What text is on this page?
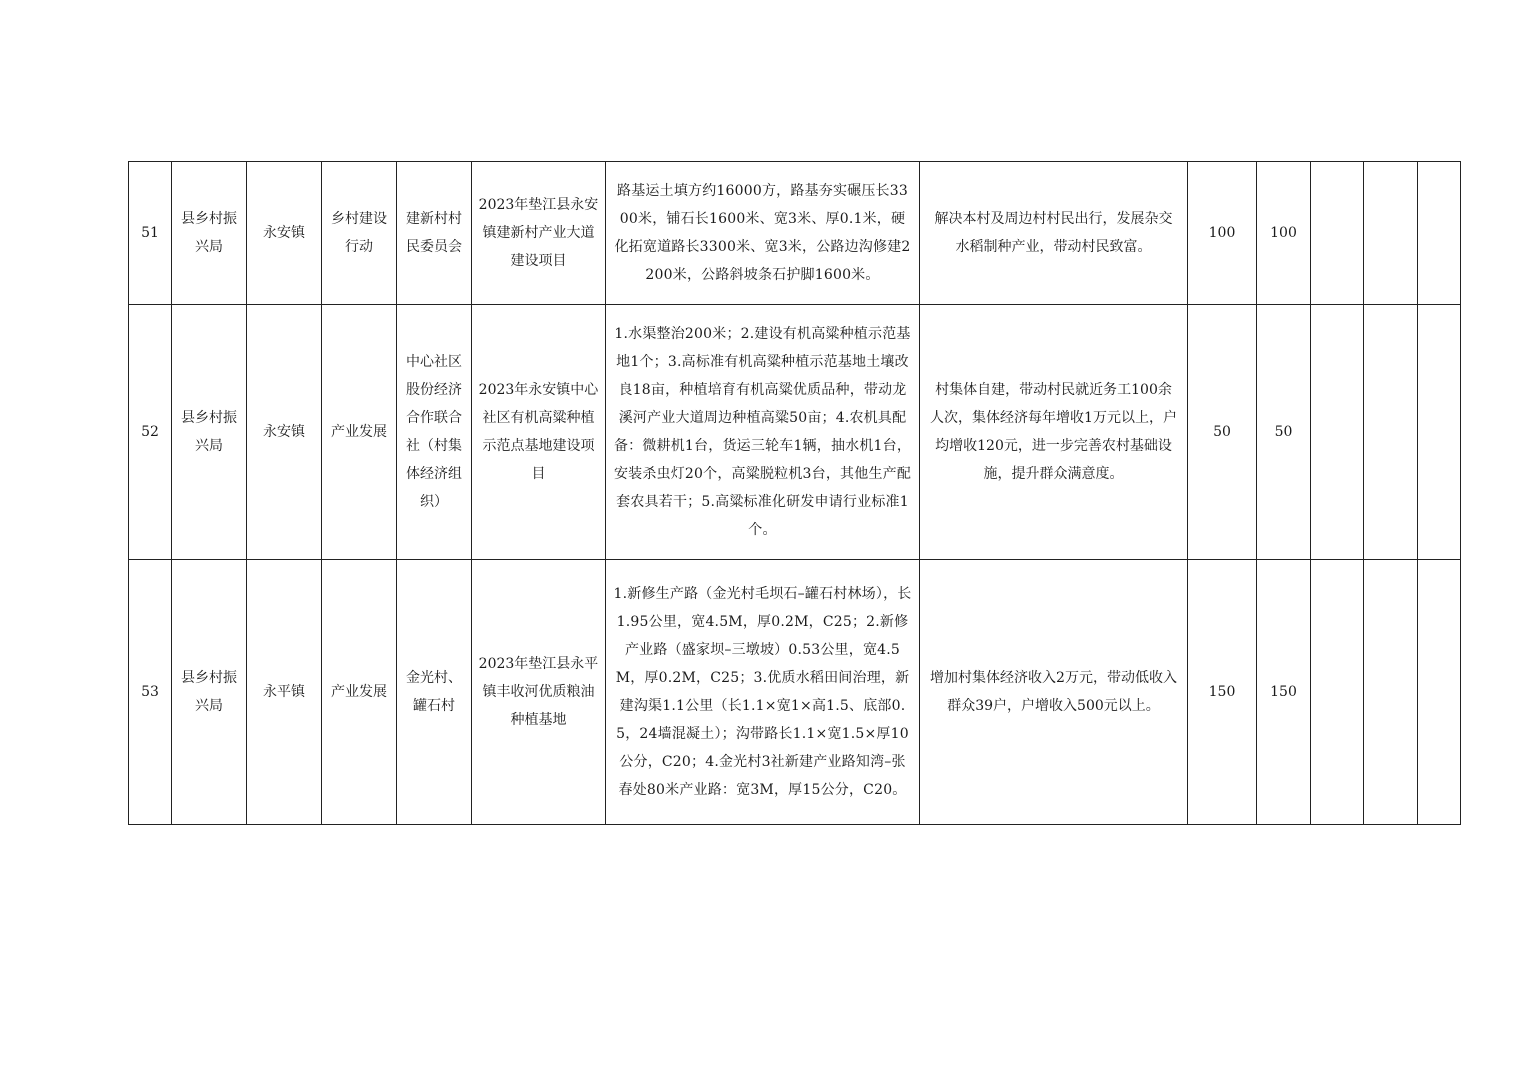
51	县乡村振兴局	永安镇	乡村建设行动	建新村村民委员会	2023年垫江县永安镇建新村产业大道建设项目	路基运土填方约16000方，路基夯实碾压长3300米，铺石长1600米、宽3米、厚0.1米，硬化拓宽道路长3300米、宽3米，公路边沟修建2200米，公路斜坡条石护脚1600米。	解决本村及周边村村民出行，发展杂交水稻制种产业，带动村民致富。	100	100			
52	县乡村振兴局	永安镇	产业发展	中心社区股份经济合作联合社（村集体经济组织）	2023年永安镇中心社区有机高粱种植示范点基地建设项目	1.水渠整治200米；2.建设有机高粱种植示范基地1个；3.高标准有机高粱种植示范基地土壤改良18亩，种植培育有机高粱优质品种，带动龙溪河产业大道周边种植高粱50亩；4.农机具配备：微耕机1台，货运三轮车1辆，抽水机1台，安装杀虫灯20个，高粱脱粒机3台，其他生产配套农具若干；5.高粱标准化研发申请行业标准1个。	村集体自建，带动村民就近务工100余人次，集体经济每年增收1万元以上，户均增收120元，进一步完善农村基础设施，提升群众满意度。	50	50			
53	县乡村振兴局	永平镇	产业发展	金光村、罐石村	2023年垫江县永平镇丰收河优质粮油种植基地	1.新修生产路（金光村毛坝石–罐石村林场），长1.95公里，宽4.5M，厚0.2M，C25；2.新修产业路（盛家坝–三墩坡）0.53公里，宽4.5M，厚0.2M，C25；3.优质水稻田间治理，新建沟渠1.1公里（长1.1×宽1×高1.5、底部0.5，24墙混凝土）；沟带路长1.1×宽1.5×厚10公分，C20；4.金光村3社新建产业路知湾–张春处80米产业路：宽3M，厚15公分，C20。	增加村集体经济收入2万元，带动低收入群众39户，户增收入500元以上。	150	150			
